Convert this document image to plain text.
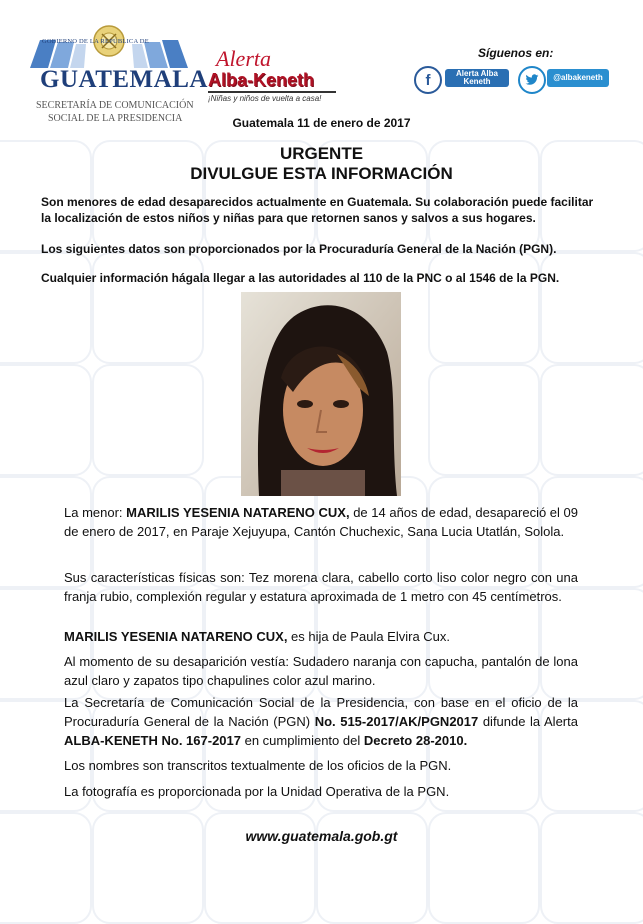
GOBIERNO DE LA REPÚBLICA DE
GUATEMALA
SECRETARÍA DE COMUNICACIÓN
SOCIAL DE LA PRESIDENCIA
Alerta
Alba-Keneth
¡Niñas y niños de vuelta a casa!
Síguenos en:
f	Alerta Alba Keneth	@albakeneth
Guatemala 11 de enero de 2017
URGENTE
DIVULGUE ESTA INFORMACIÓN

Son menores de edad desaparecidos actualmente en Guatemala. Su colaboración puede facilitar la localización de estos niños y niñas para que retornen sanos y salvos a sus hogares.

Los siguientes datos son proporcionados por la Procuraduría General de la Nación (PGN).

Cualquier información hágala llegar a las autoridades al 110 de la PNC o al 1546 de la PGN.

La menor: MARILIS YESENIA NATARENO CUX, de 14 años de edad, desapareció el 09 de enero de 2017, en Paraje Xejuyupa, Cantón Chuchexic, Sana Lucia Utatlán, Solola.

Sus características físicas son: Tez morena clara, cabello corto liso color negro con una franja rubio, complexión regular y estatura aproximada de 1 metro con 45 centímetros.

MARILIS YESENIA NATARENO CUX, es hija de Paula Elvira Cux.

Al momento de su desaparición vestía: Sudadero naranja con capucha, pantalón de lona azul claro y zapatos tipo chapulines color azul marino.

La Secretaría de Comunicación Social de la Presidencia, con base en el oficio de la Procuraduría General de la Nación (PGN) No. 515-2017/AK/PGN2017 difunde la Alerta ALBA-KENETH No. 167-2017 en cumplimiento del Decreto 28-2010.

Los nombres son transcritos textualmente de los oficios de la PGN.

La fotografía es proporcionada por la Unidad Operativa de la PGN.

www.guatemala.gob.gt
